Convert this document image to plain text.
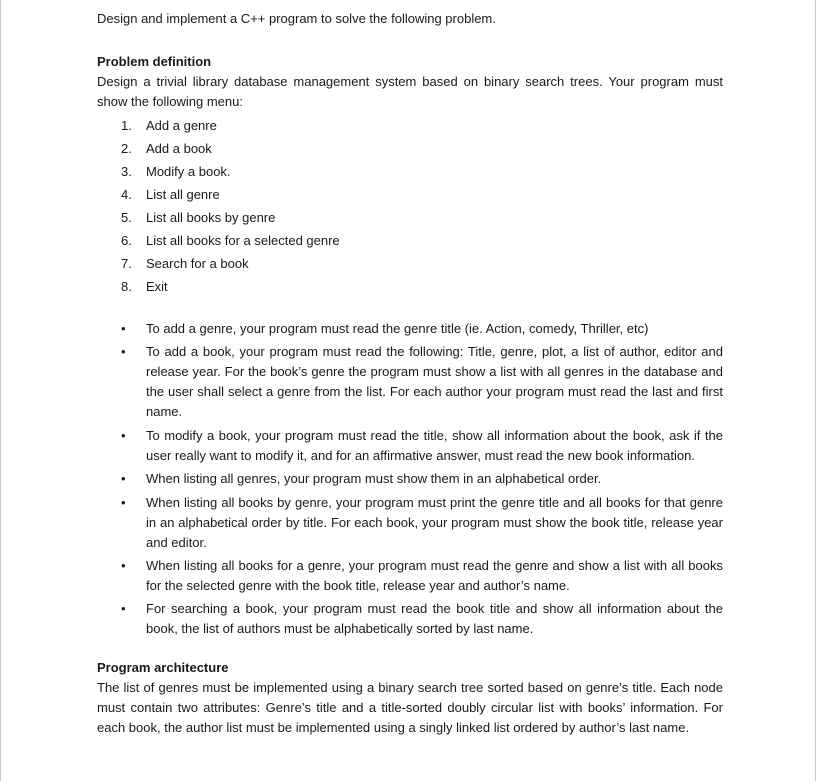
Design and implement a C++ program to solve the following problem.

Problem definition

Design a trivial library database management system based on binary search trees. Your program must show the following menu:

1. Add a genre
2. Add a book
3. Modify a book.
4. List all genre
5. List all books by genre
6. List all books for a selected genre
7. Search for a book
8. Exit
• To add a genre, your program must read the genre title (ie. Action, comedy, Thriller, etc)
• To add a book, your program must read the following: Title, genre, plot, a list of author, editor and release year. For the book’s genre the program must show a list with all genres in the database and the user shall select a genre from the list. For each author your program must read the last and first name.
• To modify a book, your program must read the title, show all information about the book, ask if the user really want to modify it, and for an affirmative answer, must read the new book information.
• When listing all genres, your program must show them in an alphabetical order.
• When listing all books by genre, your program must print the genre title and all books for that genre in an alphabetical order by title. For each book, your program must show the book title, release year and editor.
• When listing all books for a genre, your program must read the genre and show a list with all books for the selected genre with the book title, release year and author’s name.
• For searching a book, your program must read the book title and show all information about the book, the list of authors must be alphabetically sorted by last name.

Program architecture

The list of genres must be implemented using a binary search tree sorted based on genre’s title. Each node must contain two attributes: Genre’s title and a title-sorted doubly circular list with books’ information. For each book, the author list must be implemented using a singly linked list ordered by author’s last name.
